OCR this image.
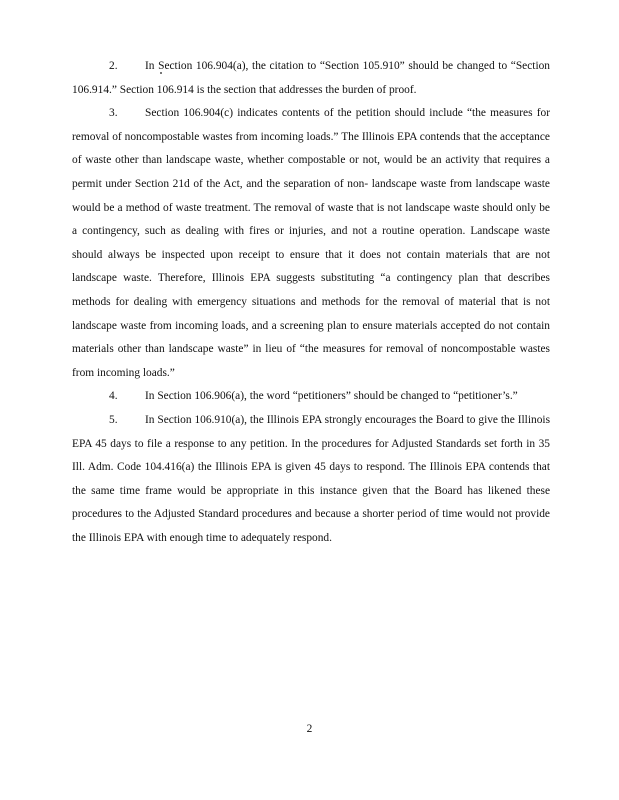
2. In Section 106.904(a), the citation to “Section 105.910” should be changed to “Section 106.914.” Section 106.914 is the section that addresses the burden of proof.

3. Section 106.904(c) indicates contents of the petition should include “the measures for removal of noncompostable wastes from incoming loads.” The Illinois EPA contends that the acceptance of waste other than landscape waste, whether compostable or not, would be an activity that requires a permit under Section 21d of the Act, and the separation of non- landscape waste from landscape waste would be a method of waste treatment. The removal of waste that is not landscape waste should only be a contingency, such as dealing with fires or injuries, and not a routine operation. Landscape waste should always be inspected upon receipt to ensure that it does not contain materials that are not landscape waste. Therefore, Illinois EPA suggests substituting “a contingency plan that describes methods for dealing with emergency situations and methods for the removal of material that is not landscape waste from incoming loads, and a screening plan to ensure materials accepted do not contain materials other than landscape waste” in lieu of “the measures for removal of noncompostable wastes from incoming loads.”

4. In Section 106.906(a), the word “petitioners” should be changed to “petitioner’s.”

5. In Section 106.910(a), the Illinois EPA strongly encourages the Board to give the Illinois EPA 45 days to file a response to any petition. In the procedures for Adjusted Standards set forth in 35 Ill. Adm. Code 104.416(a) the Illinois EPA is given 45 days to respond. The Illinois EPA contends that the same time frame would be appropriate in this instance given that the Board has likened these procedures to the Adjusted Standard procedures and because a shorter period of time would not provide the Illinois EPA with enough time to adequately respond.

2
